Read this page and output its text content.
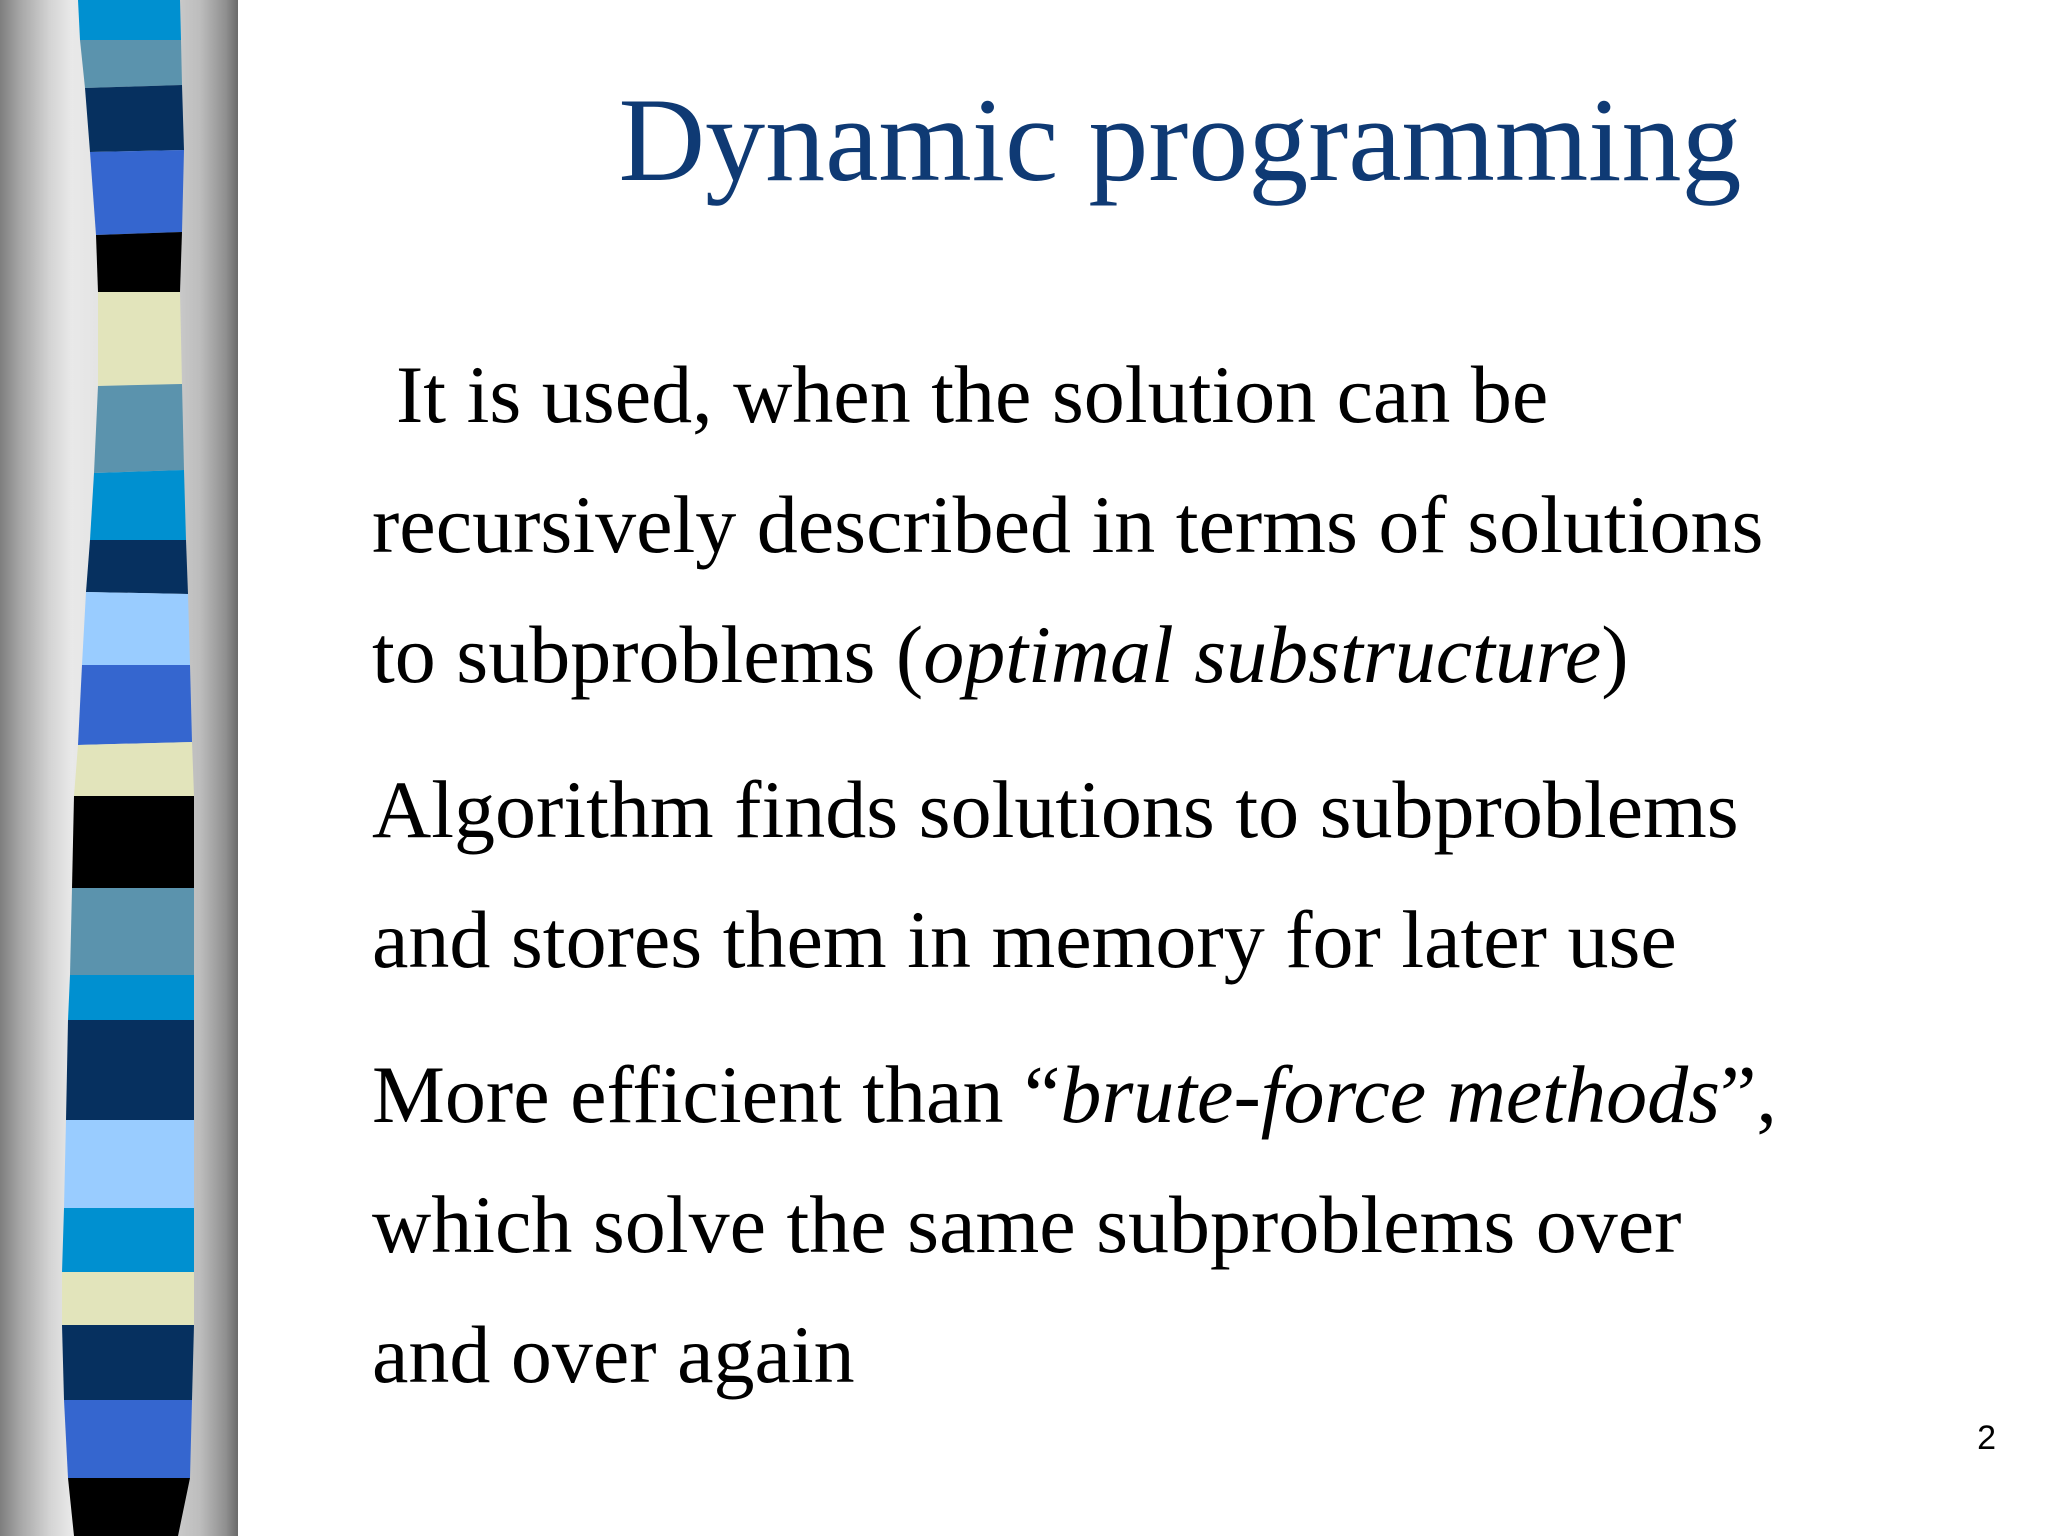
Dynamic programming

It is used, when the solution can be
recursively described in terms of solutions
to subproblems (optimal substructure)

Algorithm finds solutions to subproblems
and stores them in memory for later use

More efficient than “brute-force methods”,
which solve the same subproblems over
and over again

2
